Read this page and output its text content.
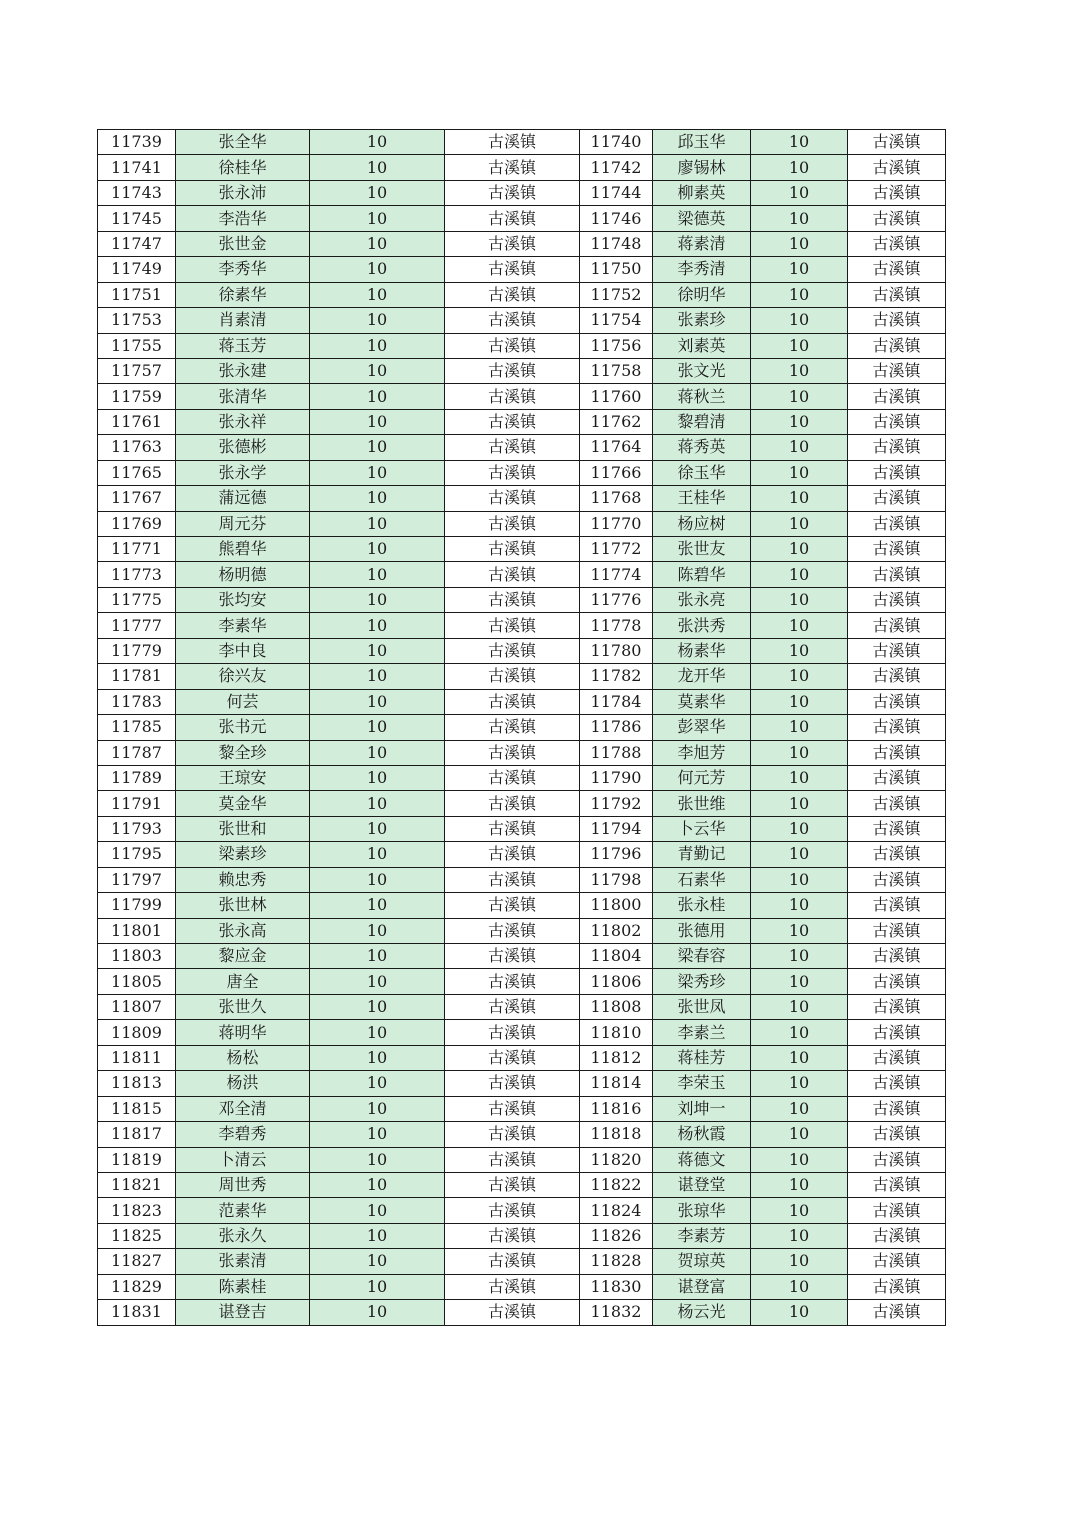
11739	张全华	10	古溪镇	11740	邱玉华	10	古溪镇
11741	徐桂华	10	古溪镇	11742	廖锡林	10	古溪镇
11743	张永沛	10	古溪镇	11744	柳素英	10	古溪镇
11745	李浩华	10	古溪镇	11746	梁德英	10	古溪镇
11747	张世金	10	古溪镇	11748	蒋素清	10	古溪镇
11749	李秀华	10	古溪镇	11750	李秀清	10	古溪镇
11751	徐素华	10	古溪镇	11752	徐明华	10	古溪镇
11753	肖素清	10	古溪镇	11754	张素珍	10	古溪镇
11755	蒋玉芳	10	古溪镇	11756	刘素英	10	古溪镇
11757	张永建	10	古溪镇	11758	张文光	10	古溪镇
11759	张清华	10	古溪镇	11760	蒋秋兰	10	古溪镇
11761	张永祥	10	古溪镇	11762	黎碧清	10	古溪镇
11763	张德彬	10	古溪镇	11764	蒋秀英	10	古溪镇
11765	张永学	10	古溪镇	11766	徐玉华	10	古溪镇
11767	蒲远德	10	古溪镇	11768	王桂华	10	古溪镇
11769	周元芬	10	古溪镇	11770	杨应树	10	古溪镇
11771	熊碧华	10	古溪镇	11772	张世友	10	古溪镇
11773	杨明德	10	古溪镇	11774	陈碧华	10	古溪镇
11775	张均安	10	古溪镇	11776	张永亮	10	古溪镇
11777	李素华	10	古溪镇	11778	张洪秀	10	古溪镇
11779	李中良	10	古溪镇	11780	杨素华	10	古溪镇
11781	徐兴友	10	古溪镇	11782	龙开华	10	古溪镇
11783	何芸	10	古溪镇	11784	莫素华	10	古溪镇
11785	张书元	10	古溪镇	11786	彭翠华	10	古溪镇
11787	黎全珍	10	古溪镇	11788	李旭芳	10	古溪镇
11789	王琼安	10	古溪镇	11790	何元芳	10	古溪镇
11791	莫金华	10	古溪镇	11792	张世维	10	古溪镇
11793	张世和	10	古溪镇	11794	卜云华	10	古溪镇
11795	梁素珍	10	古溪镇	11796	青勤记	10	古溪镇
11797	赖忠秀	10	古溪镇	11798	石素华	10	古溪镇
11799	张世林	10	古溪镇	11800	张永桂	10	古溪镇
11801	张永高	10	古溪镇	11802	张德用	10	古溪镇
11803	黎应金	10	古溪镇	11804	梁春容	10	古溪镇
11805	唐全	10	古溪镇	11806	梁秀珍	10	古溪镇
11807	张世久	10	古溪镇	11808	张世凤	10	古溪镇
11809	蒋明华	10	古溪镇	11810	李素兰	10	古溪镇
11811	杨松	10	古溪镇	11812	蒋桂芳	10	古溪镇
11813	杨洪	10	古溪镇	11814	李荣玉	10	古溪镇
11815	邓全清	10	古溪镇	11816	刘坤一	10	古溪镇
11817	李碧秀	10	古溪镇	11818	杨秋霞	10	古溪镇
11819	卜清云	10	古溪镇	11820	蒋德文	10	古溪镇
11821	周世秀	10	古溪镇	11822	谌登堂	10	古溪镇
11823	范素华	10	古溪镇	11824	张琼华	10	古溪镇
11825	张永久	10	古溪镇	11826	李素芳	10	古溪镇
11827	张素清	10	古溪镇	11828	贺琼英	10	古溪镇
11829	陈素桂	10	古溪镇	11830	谌登富	10	古溪镇
11831	谌登吉	10	古溪镇	11832	杨云光	10	古溪镇
